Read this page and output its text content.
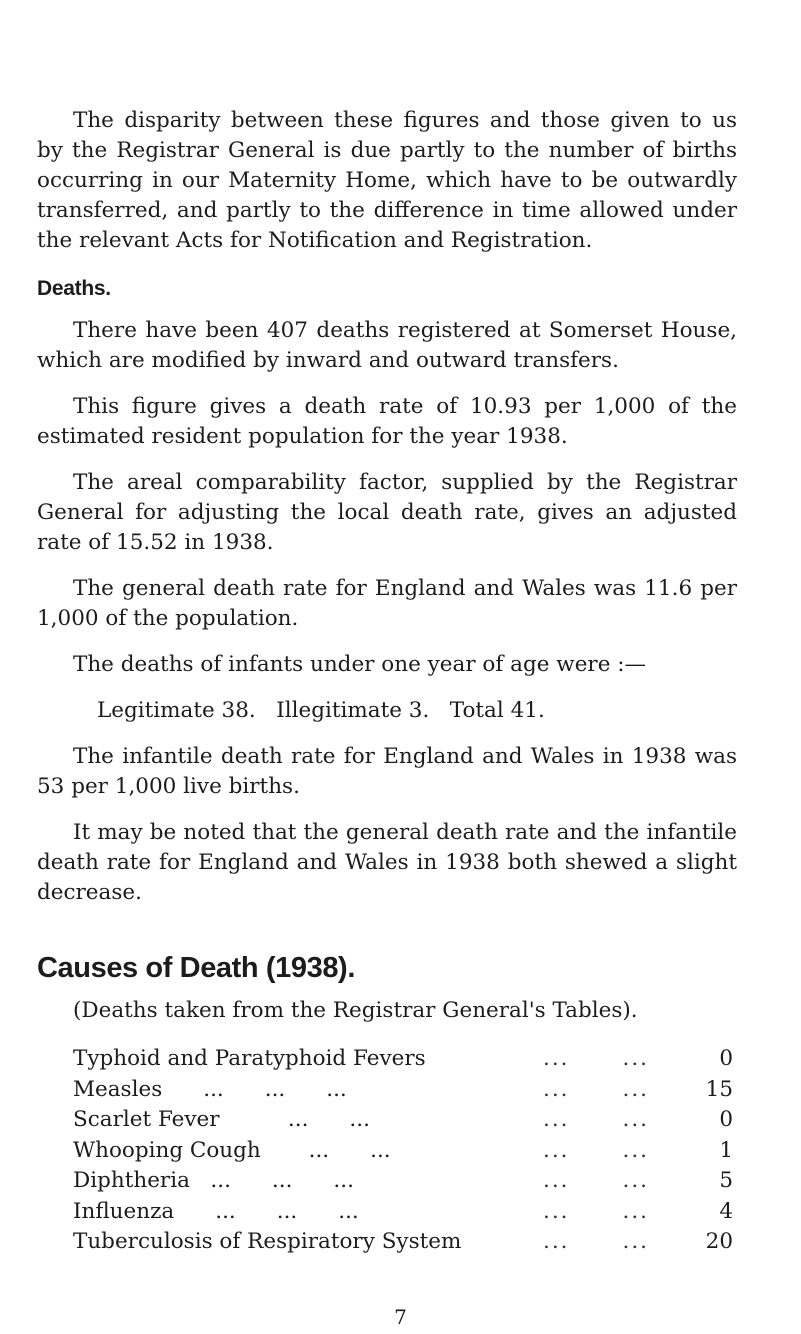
The disparity between these figures and those given to us by the Registrar General is due partly to the number of births occurring in our Maternity Home, which have to be outwardly transferred, and partly to the difference in time allowed under the relevant Acts for Notification and Registration.

Deaths.

There have been 407 deaths registered at Somerset House, which are modified by inward and outward transfers.

This figure gives a death rate of 10.93 per 1,000 of the estimated resident population for the year 1938.

The areal comparability factor, supplied by the Registrar General for adjusting the local death rate, gives an adjusted rate of 15.52 in 1938.

The general death rate for England and Wales was 11.6 per 1,000 of the population.

The deaths of infants under one year of age were :—

Legitimate 38.   Illegitimate 3.   Total 41.

The infantile death rate for England and Wales in 1938 was 53 per 1,000 live births.

It may be noted that the general death rate and the infantile death rate for England and Wales in 1938 both shewed a slight decrease.

Causes of Death (1938).

(Deaths taken from the Registrar General's Tables).

Typhoid and Paratyphoid Fevers	...      ...	0
Measles      ...      ...      ...	...      ...	15
Scarlet Fever          ...      ...	...      ...	0
Whooping Cough       ...      ...	...      ...	1
Diphtheria   ...      ...      ...	...      ...	5
Influenza      ...      ...      ...	...      ...	4
Tuberculosis of Respiratory System	...      ...	20
7
